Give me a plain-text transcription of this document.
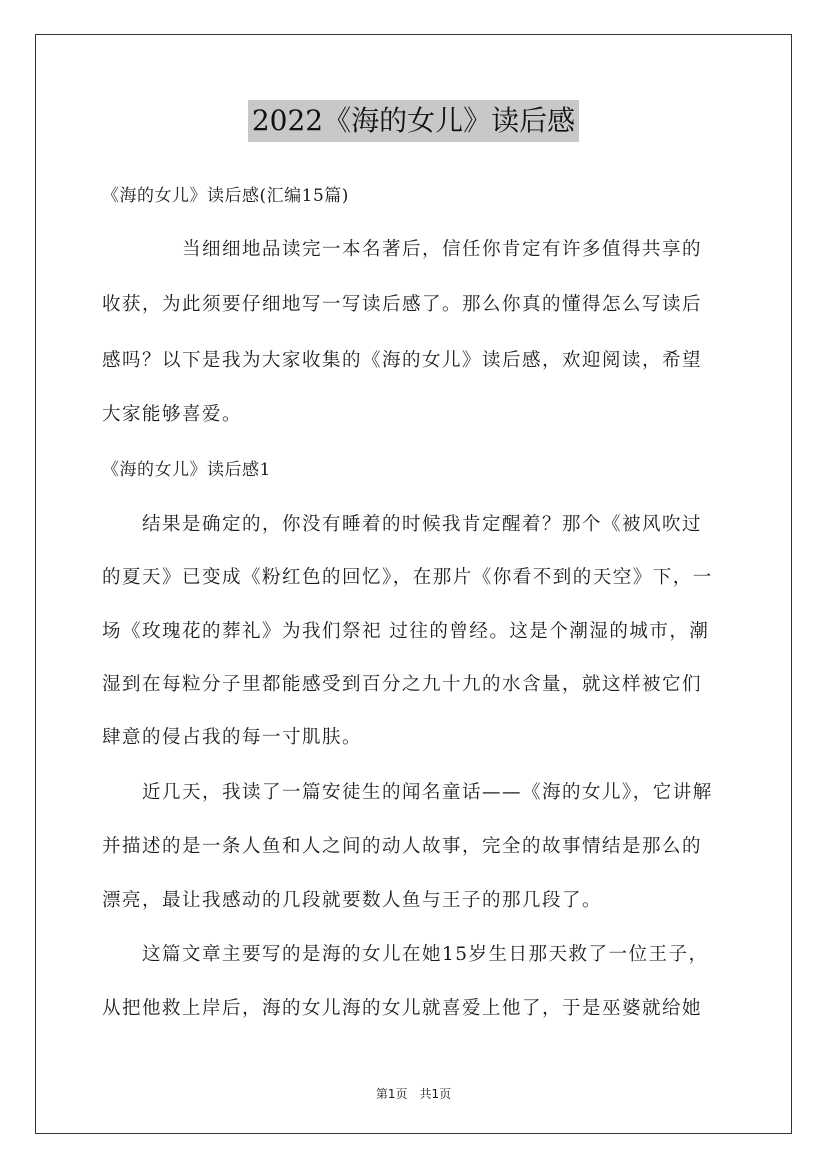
2022《海的女儿》读后感
《海的女儿》读后感(汇编15篇)
　　　　当细细地品读完一本名著后，信任你肯定有许多值得共享的
收获，为此须要仔细地写一写读后感了。那么你真的懂得怎么写读后
感吗？以下是我为大家收集的《海的女儿》读后感，欢迎阅读，希望
大家能够喜爱。
《海的女儿》读后感1
　　结果是确定的，你没有睡着的时候我肯定醒着？那个《被风吹过
的夏天》已变成《粉红色的回忆》，在那片《你看不到的天空》下，一
场《玫瑰花的葬礼》为我们祭祀 过往的曾经。这是个潮湿的城市，潮
湿到在每粒分子里都能感受到百分之九十九的水含量，就这样被它们
肆意的侵占我的每一寸肌肤。
　　近几天，我读了一篇安徒生的闻名童话——《海的女儿》，它讲解
并描述的是一条人鱼和人之间的动人故事，完全的故事情结是那么的
漂亮，最让我感动的几段就要数人鱼与王子的那几段了。
　　这篇文章主要写的是海的女儿在她15岁生日那天救了一位王子，
从把他救上岸后，海的女儿海的女儿就喜爱上他了，于是巫婆就给她
第1页　共1页
